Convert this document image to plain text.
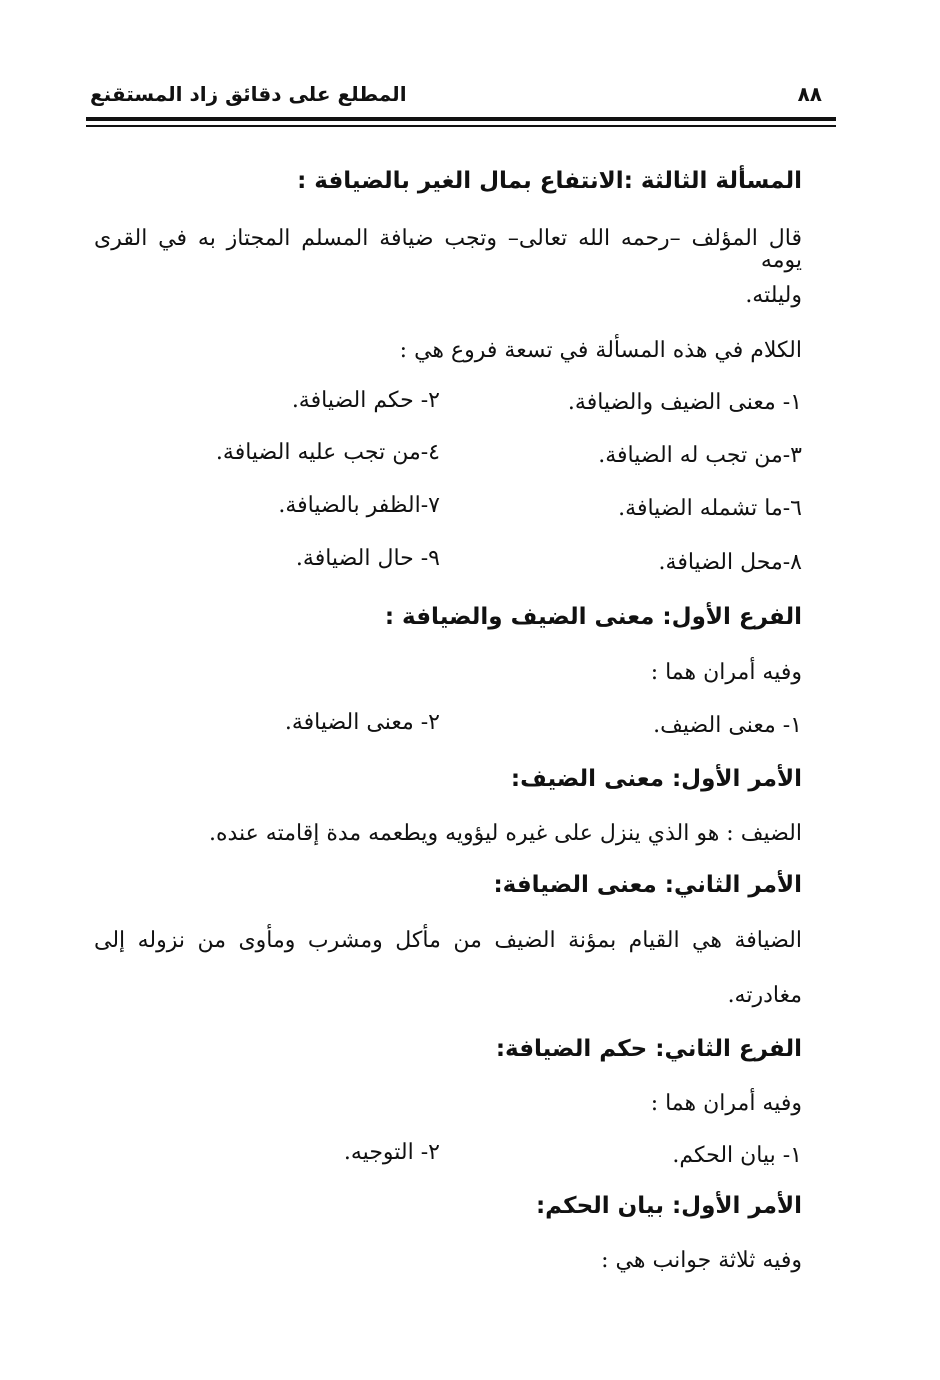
المطلع على دقائق زاد المستقنع	٨٨
المسألة الثالثة :الانتفاع بمال الغير بالضيافة :
قال المؤلف –رحمه الله تعالى– وتجب ضيافة المسلم المجتاز به في القرى يومه
وليلته.
الكلام في هذه المسألة في تسعة فروع هي :
١- معنى الضيف والضيافة.
٢- حكم الضيافة.
٣-من تجب له الضيافة.
٤-من تجب عليه الضيافة.
٦-ما تشمله الضيافة.
٧-الظفر بالضيافة.
٨-محل الضيافة.
٩- حال الضيافة.
الفرع الأول: معنى الضيف والضيافة :
وفيه أمران هما :
١- معنى الضيف.
٢- معنى الضيافة.
الأمر الأول: معنى الضيف:
الضيف : هو الذي ينزل على غيره ليؤويه ويطعمه مدة إقامته عنده.
الأمر الثاني: معنى الضيافة:
الضيافة هي القيام بمؤنة الضيف من مأكل ومشرب ومأوى من نزوله إلى
مغادرته.
الفرع الثاني: حكم الضيافة:
وفيه أمران هما :
١- بيان الحكم.
٢- التوجيه.
الأمر الأول: بيان الحكم:
وفيه ثلاثة جوانب هي :
